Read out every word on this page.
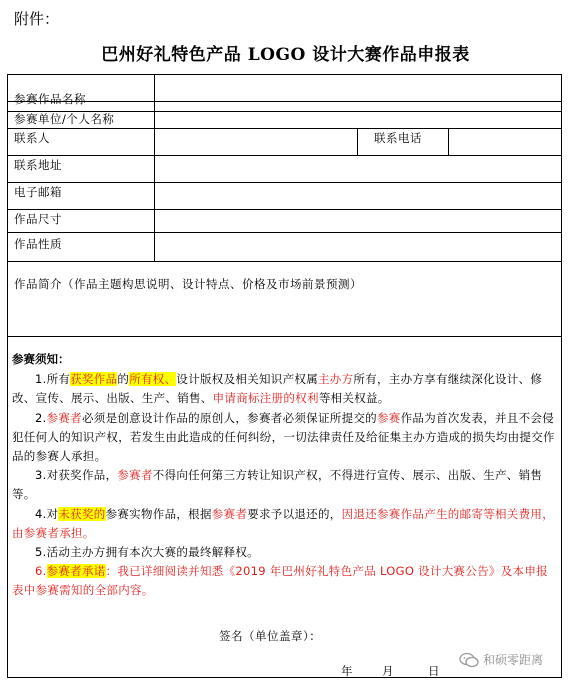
附件：
巴州好礼特色产品 LOGO 设计大赛作品申报表
参赛作品名称
参赛单位/个人名称
联系人	联系电话
联系地址
电子邮箱
作品尺寸
作品性质
作品简介（作品主题构思说明、设计特点、价格及市场前景预测）
参赛须知：

1.所有获奖作品的所有权、设计版权及相关知识产权属主办方所有，主办方享有继续深化设计、修改、宣传、展示、出版、生产、销售、申请商标注册的权利等相关权益。

2.参赛者必须是创意设计作品的原创人，参赛者必须保证所提交的参赛作品为首次发表，并且不会侵犯任何人的知识产权，若发生由此造成的任何纠纷，一切法律责任及给征集主办方造成的损失均由提交作品的参赛人承担。

3.对获奖作品，参赛者不得向任何第三方转让知识产权，不得进行宣传、展示、出版、生产、销售等。

4.对未获奖的参赛实物作品，根据参赛者要求予以退还的，因退还参赛作品产生的邮寄等相关费用，由参赛者承担。

5.活动主办方拥有本次大赛的最终解释权。

6.参赛者承诺：我已详细阅读并知悉《2019 年巴州好礼特色产品 LOGO 设计大赛公告》及本申报表中参赛需知的全部内容。

签名（单位盖章）：
年	月	日
和硕零距离
